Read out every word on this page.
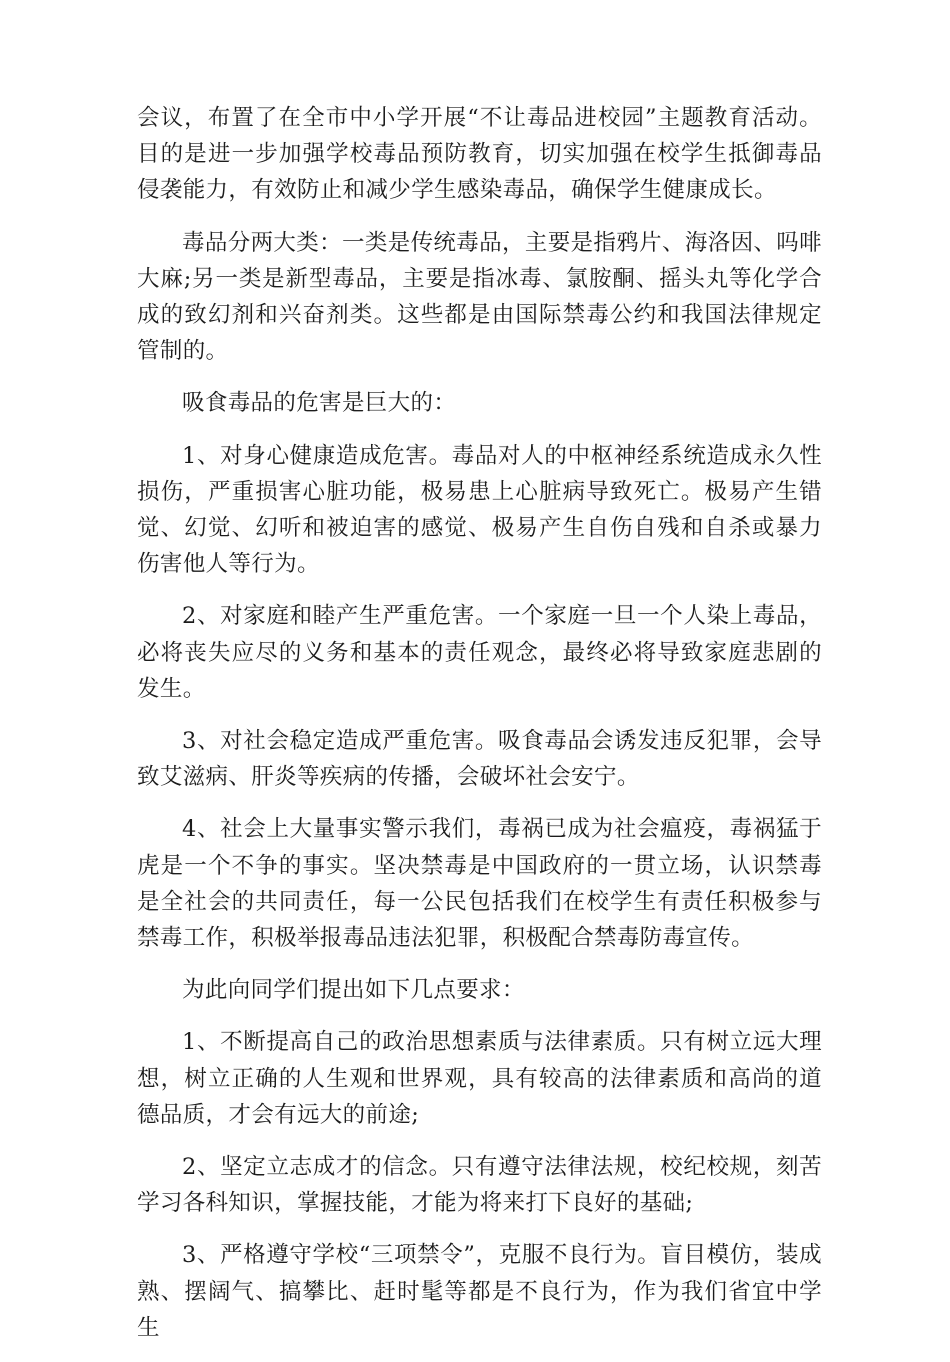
会议，布置了在全市中小学开展“不让毒品进校园”主题教育活动。目的是进一步加强学校毒品预防教育，切实加强在校学生抵御毒品侵袭能力，有效防止和减少学生感染毒品，确保学生健康成长。

毒品分两大类：一类是传统毒品，主要是指鸦片、海洛因、吗啡大麻;另一类是新型毒品，主要是指冰毒、氯胺酮、摇头丸等化学合成的致幻剂和兴奋剂类。这些都是由国际禁毒公约和我国法律规定管制的。

吸食毒品的危害是巨大的：

1、对身心健康造成危害。毒品对人的中枢神经系统造成永久性损伤，严重损害心脏功能，极易患上心脏病导致死亡。极易产生错觉、幻觉、幻听和被迫害的感觉、极易产生自伤自残和自杀或暴力伤害他人等行为。

2、对家庭和睦产生严重危害。一个家庭一旦一个人染上毒品，必将丧失应尽的义务和基本的责任观念，最终必将导致家庭悲剧的发生。

3、对社会稳定造成严重危害。吸食毒品会诱发违反犯罪，会导致艾滋病、肝炎等疾病的传播，会破坏社会安宁。

4、社会上大量事实警示我们，毒祸已成为社会瘟疫，毒祸猛于虎是一个不争的事实。坚决禁毒是中国政府的一贯立场，认识禁毒是全社会的共同责任，每一公民包括我们在校学生有责任积极参与禁毒工作，积极举报毒品违法犯罪，积极配合禁毒防毒宣传。

为此向同学们提出如下几点要求：

1、不断提高自己的政治思想素质与法律素质。只有树立远大理想，树立正确的人生观和世界观，具有较高的法律素质和高尚的道德品质，才会有远大的前途;

2、坚定立志成才的信念。只有遵守法律法规，校纪校规，刻苦学习各科知识，掌握技能，才能为将来打下良好的基础;

3、严格遵守学校“三项禁令”，克服不良行为。盲目模仿，装成熟、摆阔气、搞攀比、赶时髦等都是不良行为，作为我们省宜中学生
